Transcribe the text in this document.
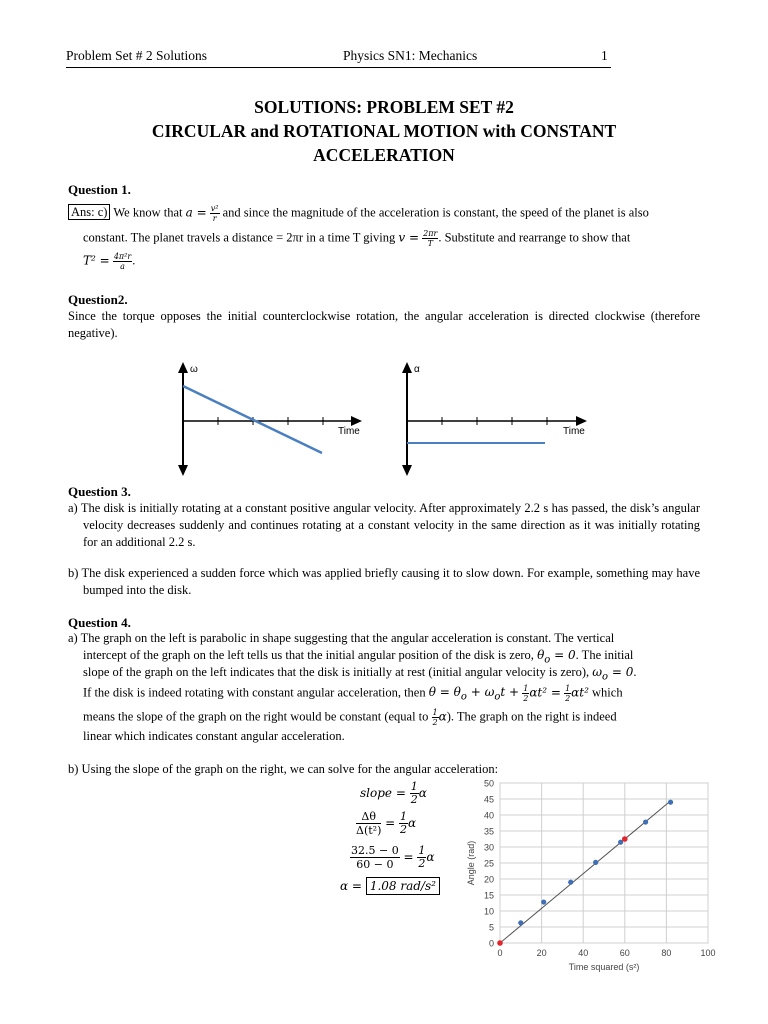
Problem Set # 2 Solutions	Physics SN1: Mechanics	1
SOLUTIONS: PROBLEM SET #2
CIRCULAR and ROTATIONAL MOTION with CONSTANT
ACCELERATION
Question 1.
Ans: c) We know that $a = \frac{\text{v²}}{r}$ and since the magnitude of the acceleration is constant, the speed of the planet is also
constant. The planet travels a distance = 2πr in a time T giving $v = \frac{2\pi r}{T}$ . Substitute and rearrange to show that
$T^2 = \frac{\text{4π²r}}{a}$ .
Question2.
Since the torque opposes the initial counterclockwise rotation, the angular acceleration is directed clockwise (therefore negative).
ω
Time
α
Time
Question 3.
a) The disk is initially rotating at a constant positive angular velocity. After approximately 2.2 s has passed, the disk’s angular velocity decreases suddenly and continues rotating at a constant velocity in the same direction as it was initially rotating for an additional 2.2 s.
b) The disk experienced a sudden force which was applied briefly causing it to slow down. For example, something may have bumped into the disk.
Question 4.
a) The graph on the left is parabolic in shape suggesting that the angular acceleration is constant. The vertical
intercept of the graph on the left tells us that the initial angular position of the disk is zero, $\theta_o = 0$. The initial
slope of the graph on the left indicates that the disk is initially at rest (initial angular velocity is zero), $\omega_o = 0$.
If the disk is indeed rotating with constant angular acceleration, then $\theta = \theta_o + \omega_ot + \frac{1}{2} \alpha t^2 = \frac{1}{2} \alpha t^2$ which
means the slope of the graph on the right would be constant (equal to $\frac{1}{2} \alpha$). The graph on the right is indeed
linear which indicates constant angular acceleration.
b) Using the slope of the graph on the right, we can solve for the angular acceleration:
slope = $\frac{1}{2}$ α
$\frac{\Delta\theta}{\text{Δ(t²)}} = \frac{1}{2}$ α
$\frac{32.5 - 0}{60 - 0} = \frac{1}{2}$ α
α = 1.08 rad/s²
0
5
10
15
20
25
30
35
40
45
50
0	20	40	60	80	100
Time squared (s²)
Angle (rad)
